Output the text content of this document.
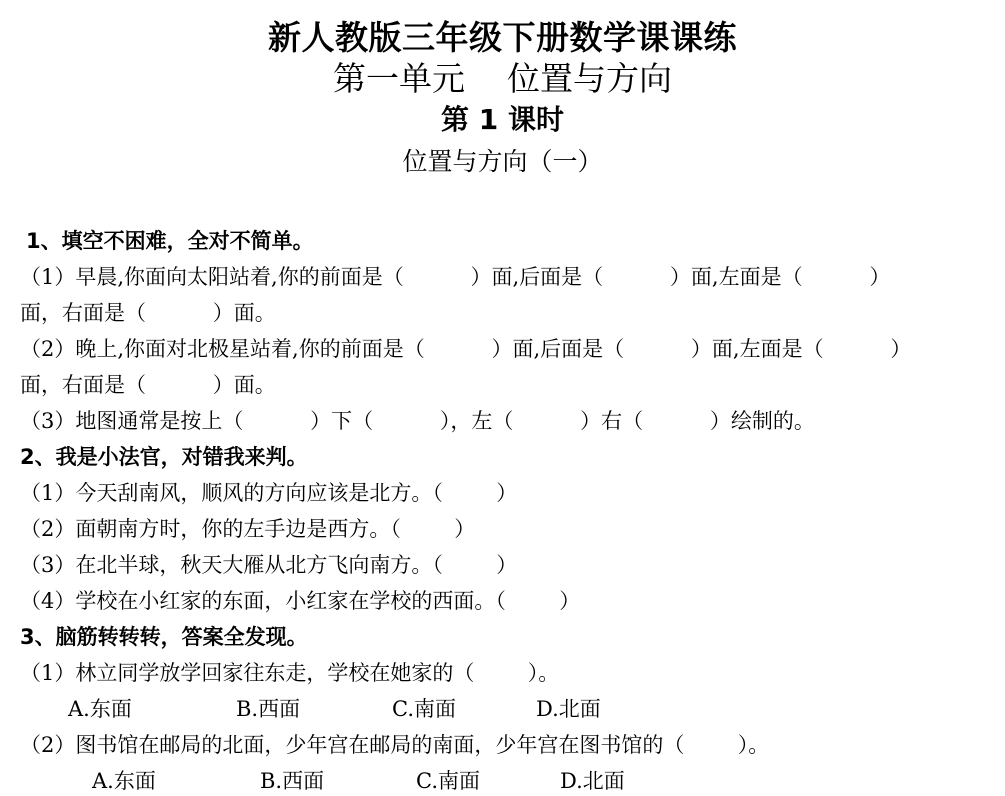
新人教版三年级下册数学课课练
第一单元    位置与方向
第 1 课时
位置与方向（一）
1、填空不困难，全对不简单。
（1）早晨,你面向太阳站着,你的前面是（          ）面,后面是（          ）面,左面是（          ）
面，右面是（          ）面。
（2）晚上,你面对北极星站着,你的前面是（          ）面,后面是（          ）面,左面是（          ）
面，右面是（          ）面。
（3）地图通常是按上（          ）下（          ），左（          ）右（          ）绘制的。
2、我是小法官，对错我来判。
（1）今天刮南风，顺风的方向应该是北方。（        ）
（2）面朝南方时，你的左手边是西方。（        ）
（3）在北半球，秋天大雁从北方飞向南方。（        ）
（4）学校在小红家的东面，小红家在学校的西面。（        ）
3、脑筋转转转，答案全发现。
（1）林立同学放学回家往东走，学校在她家的（        ）。
A.东面	B.西面	C.南面	D.北面
（2）图书馆在邮局的北面，少年宫在邮局的南面，少年宫在图书馆的（        ）。
A.东面	B.西面	C.南面	D.北面
